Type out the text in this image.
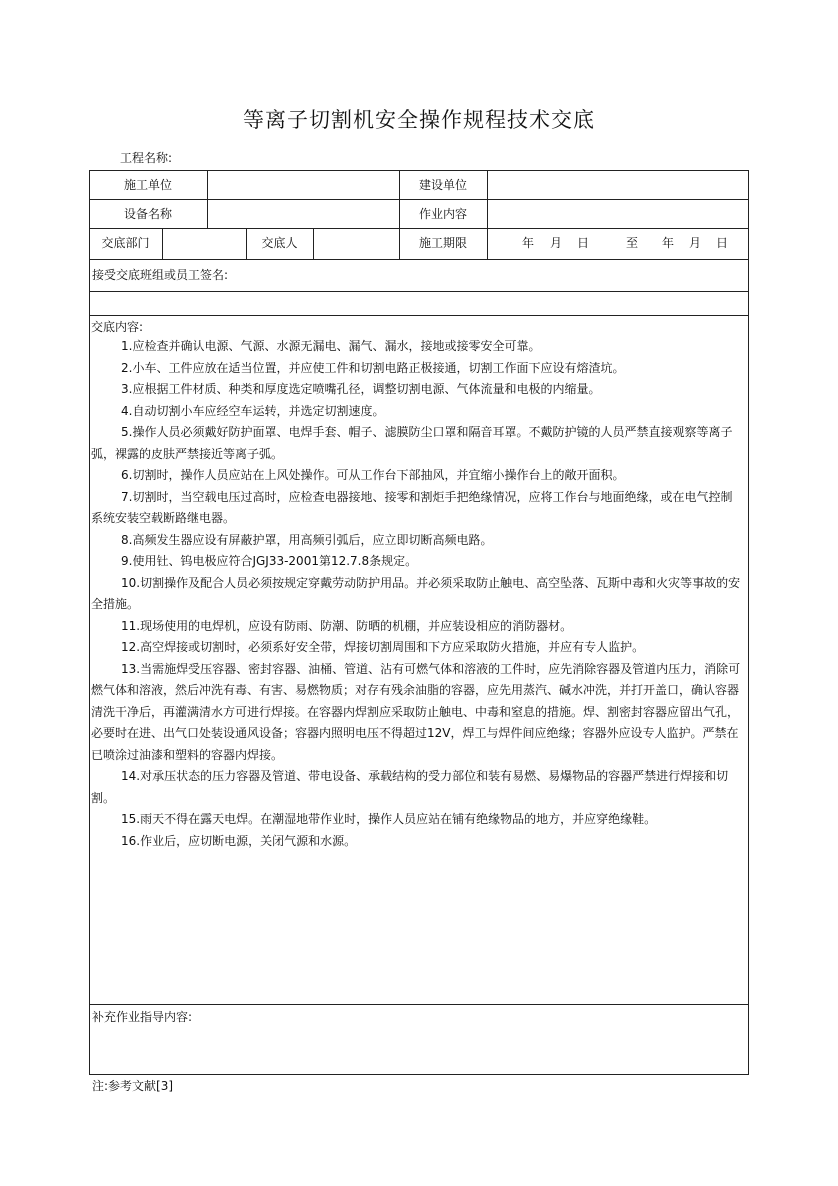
等离子切割机安全操作规程技术交底
工程名称:
施工单位	建设单位
设备名称	作业内容
交底部门	交底人	施工期限	年 月 日	至 年 月 日
接受交底班组或员工签名:
交底内容:

1.应检查并确认电源、气源、水源无漏电、漏气、漏水，接地或接零安全可靠。

2.小车、工件应放在适当位置，并应使工件和切割电路正极接通，切割工作面下应设有熔渣坑。

3.应根据工件材质、种类和厚度选定喷嘴孔径，调整切割电源、气体流量和电极的内缩量。

4.自动切割小车应经空车运转，并选定切割速度。

5.操作人员必须戴好防护面罩、电焊手套、帽子、滤膜防尘口罩和隔音耳罩。不戴防护镜的人员严禁直接观察等离子弧，裸露的皮肤严禁接近等离子弧。

6.切割时，操作人员应站在上风处操作。可从工作台下部抽风，并宜缩小操作台上的敞开面积。

7.切割时，当空载电压过高时，应检查电器接地、接零和割炬手把绝缘情况，应将工作台与地面绝缘，或在电气控制系统安装空载断路继电器。

8.高频发生器应设有屏蔽护罩，用高频引弧后，应立即切断高频电路。

9.使用钍、钨电极应符合JGJ33-2001第12.7.8条规定。

10.切割操作及配合人员必须按规定穿戴劳动防护用品。并必须采取防止触电、高空坠落、瓦斯中毒和火灾等事故的安全措施。

11.现场使用的电焊机，应设有防雨、防潮、防晒的机棚，并应装设相应的消防器材。

12.高空焊接或切割时，必须系好安全带，焊接切割周围和下方应采取防火措施，并应有专人监护。

13.当需施焊受压容器、密封容器、油桶、管道、沾有可燃气体和溶液的工件时，应先消除容器及管道内压力，消除可燃气体和溶液，然后冲洗有毒、有害、易燃物质；对存有残余油脂的容器，应先用蒸汽、碱水冲洗，并打开盖口，确认容器清洗干净后，再灌满清水方可进行焊接。在容器内焊割应采取防止触电、中毒和窒息的措施。焊、割密封容器应留出气孔，必要时在进、出气口处装设通风设备；容器内照明电压不得超过12V，焊工与焊件间应绝缘；容器外应设专人监护。严禁在已喷涂过油漆和塑料的容器内焊接。

14.对承压状态的压力容器及管道、带电设备、承载结构的受力部位和装有易燃、易爆物品的容器严禁进行焊接和切割。

15.雨天不得在露天电焊。在潮湿地带作业时，操作人员应站在铺有绝缘物品的地方，并应穿绝缘鞋。

16.作业后，应切断电源，关闭气源和水源。

补充作业指导内容:
注:参考文献[3]
